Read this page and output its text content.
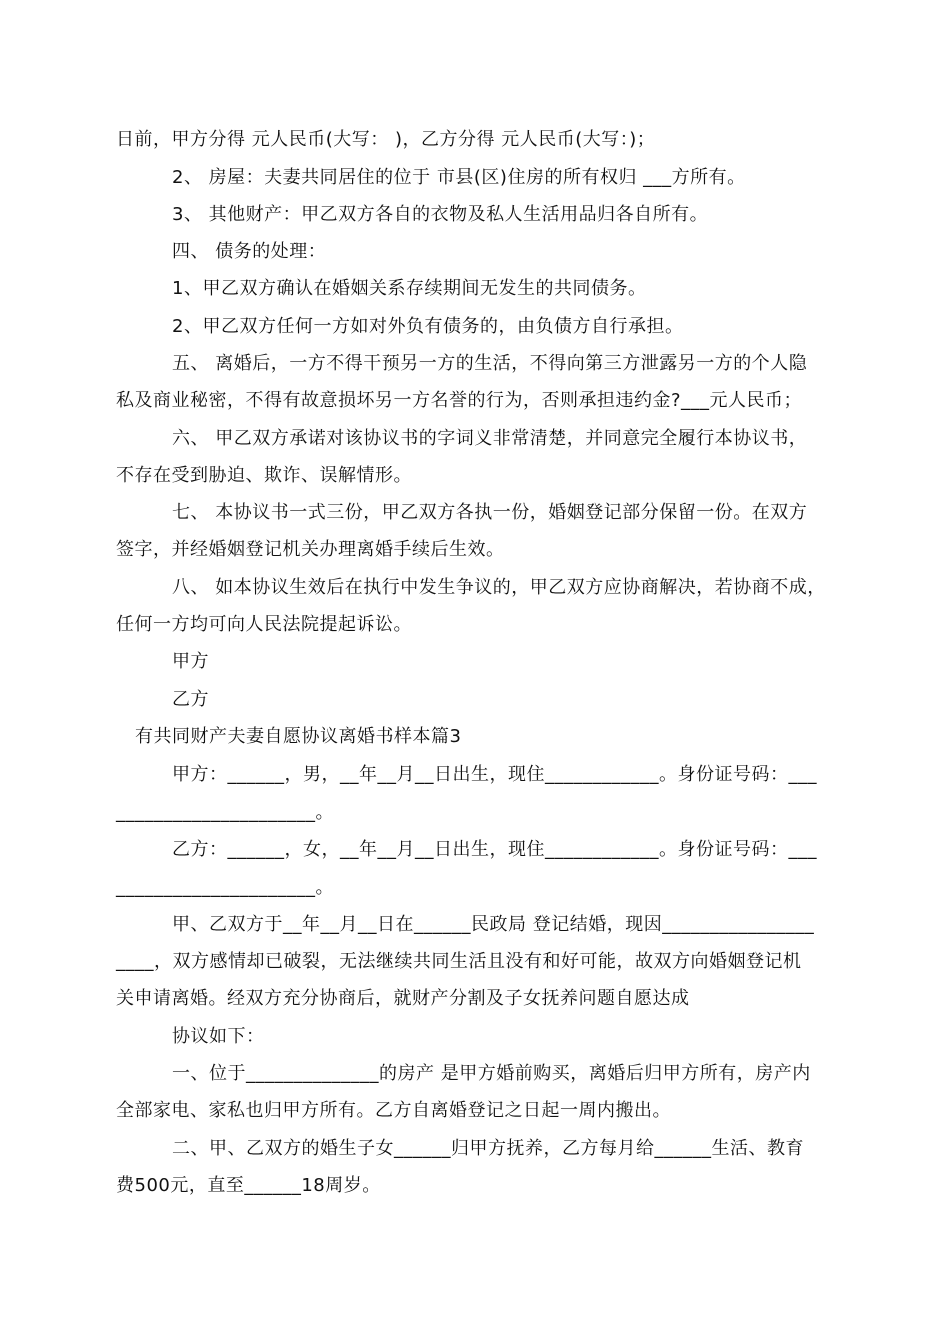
日前，甲方分得 元人民币(大写： )，乙方分得 元人民币(大写：)；
2、 房屋：夫妻共同居住的位于 市县(区)住房的所有权归 ___方所有。
3、 其他财产：甲乙双方各自的衣物及私人生活用品归各自所有。
四、 债务的处理：
1、甲乙双方确认在婚姻关系存续期间无发生的共同债务。
2、甲乙双方任何一方如对外负有债务的，由负债方自行承担。
五、 离婚后，一方不得干预另一方的生活，不得向第三方泄露另一方的个人隐
私及商业秘密，不得有故意损坏另一方名誉的行为，否则承担违约金?___元人民币；
六、 甲乙双方承诺对该协议书的字词义非常清楚，并同意完全履行本协议书，
不存在受到胁迫、欺诈、误解情形。
七、 本协议书一式三份，甲乙双方各执一份，婚姻登记部分保留一份。在双方
签字，并经婚姻登记机关办理离婚手续后生效。
八、 如本协议生效后在执行中发生争议的，甲乙双方应协商解决，若协商不成，
任何一方均可向人民法院提起诉讼。
甲方
乙方
有共同财产夫妻自愿协议离婚书样本篇3
甲方：______，男，__年__月__日出生，现住____________。身份证号码：___
_____________________。
乙方：______，女，__年__月__日出生，现住____________。身份证号码：___
_____________________。
甲、乙双方于__年__月__日在______民政局 登记结婚，现因________________
____，双方感情却已破裂，无法继续共同生活且没有和好可能，故双方向婚姻登记机
关申请离婚。经双方充分协商后，就财产分割及子女抚养问题自愿达成
协议如下：
一、位于______________的房产 是甲方婚前购买，离婚后归甲方所有，房产内
全部家电、家私也归甲方所有。乙方自离婚登记之日起一周内搬出。
二、甲、乙双方的婚生子女______归甲方抚养，乙方每月给______生活、教育
费500元，直至______18周岁。
